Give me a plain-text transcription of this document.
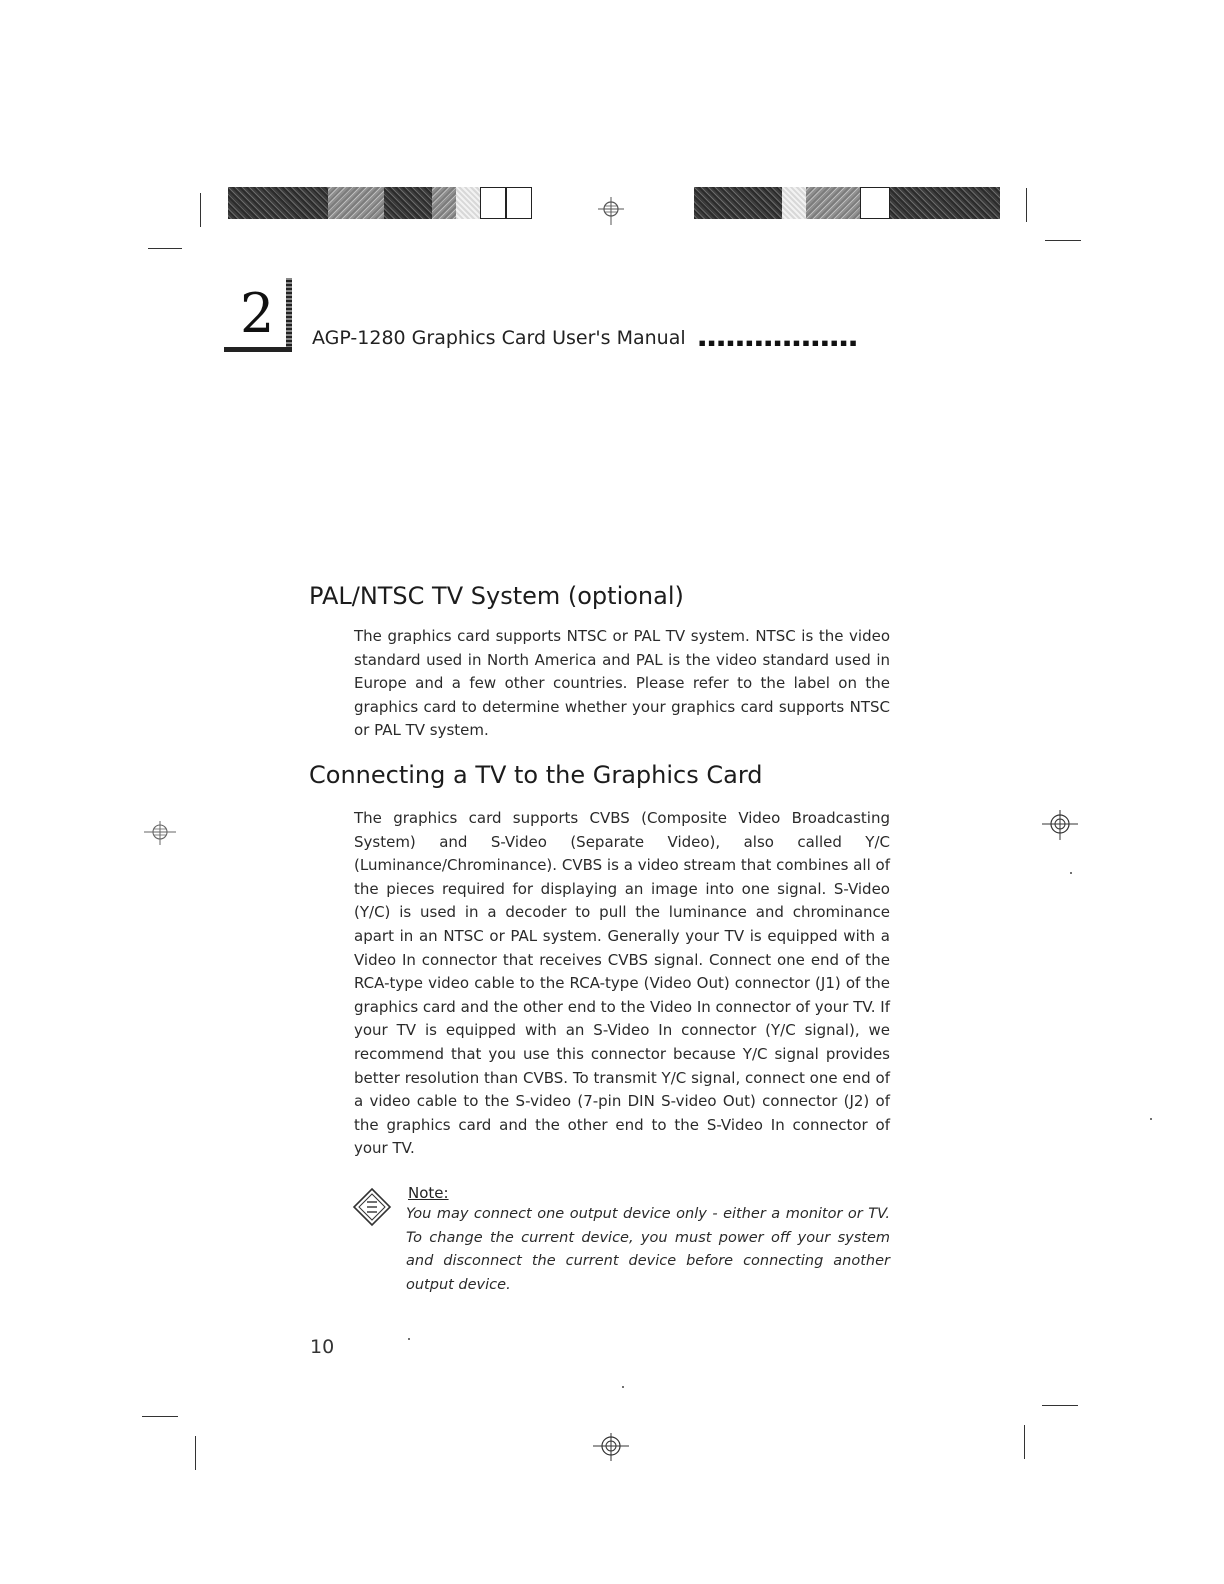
2 AGP-1280 Graphics Card User's Manual ▪▪▪▪▪▪▪▪▪▪▪▪▪▪▪▪▪
PAL/NTSC TV System (optional)
The graphics card supports NTSC or PAL TV system. NTSC is the video standard used in North America and PAL is the video standard used in Europe and a few other countries. Please refer to the label on the graphics card to determine whether your graphics card supports NTSC or PAL TV system.
Connecting a TV to the Graphics Card
The graphics card supports CVBS (Composite Video Broadcasting System) and S-Video (Separate Video), also called Y/C (Luminance/Chrominance). CVBS is a video stream that combines all of the pieces required for displaying an image into one signal. S-Video (Y/C) is used in a decoder to pull the luminance and chrominance apart in an NTSC or PAL system. Generally your TV is equipped with a Video In connector that receives CVBS signal. Connect one end of the RCA-type video cable to the RCA-type (Video Out) connector (J1) of the graphics card and the other end to the Video In connector of your TV. If your TV is equipped with an S-Video In connector (Y/C signal), we recommend that you use this connector because Y/C signal provides better resolution than CVBS. To transmit Y/C signal, connect one end of a video cable to the S-video (7-pin DIN S-video Out) connector (J2) of the graphics card and the other end to the S-Video In connector of your TV.
Note:
You may connect one output device only - either a monitor or TV. To change the current device, you must power off your system and disconnect the current device before connecting another output device.
10
